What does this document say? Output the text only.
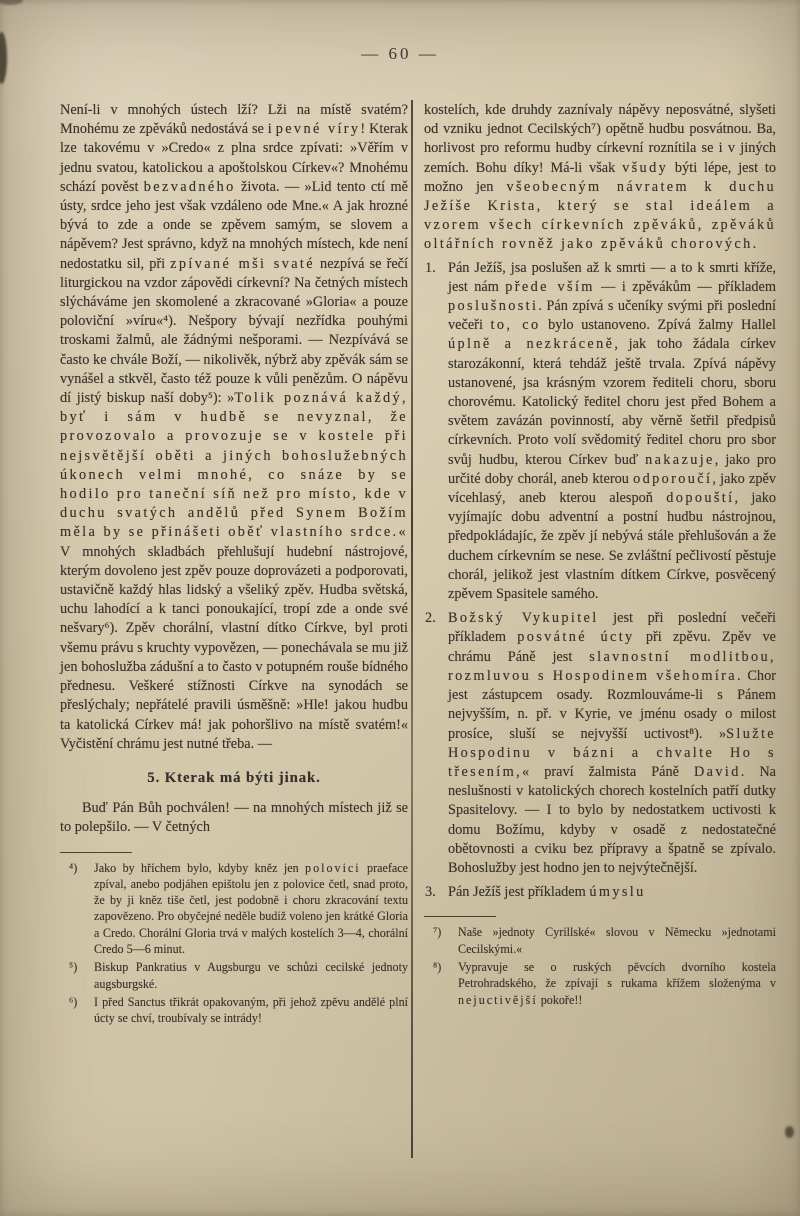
— 60 —

Není-li v mnohých ústech lží? Lži na místě svatém? Mnohému ze zpěváků nedostává se i pevné víry! Kterak lze takovému v »Credo« z plna srdce zpívati: »Věřím v jednu svatou, katolickou a apoštolskou Církev«? Mnohému schází pověst bezvadného života. — »Lid tento ctí mě ústy, srdce jeho jest však vzdáleno ode Mne.« A jak hrozné bývá to zde a onde se zpěvem samým, se slovem a nápěvem? Jest správno, když na mnohých místech, kde není nedostatku sil, při zpívané mši svaté nezpívá se řečí liturgickou na vzdor zápovědi církevní? Na četných místech slýcháváme jen skomolené a zkracované »Gloria« a pouze poloviční »víru«⁴). Nešpory bývají nezřídka pouhými troskami žalmů, ale žádnými nešporami. — Nezpívává se často ke chvále Boží, — nikolivěk, nýbrž aby zpěvák sám se vynášel a stkvěl, často též pouze k vůli penězům. O nápěvu dí jistý biskup naší doby⁵): »Tolik poznává každý, byť i sám v hudbě se nevyznal, že provozovalo a provozuje se v kostele při nejsvětější oběti a jiných bohoslužebných úkonech velmi mnohé, co snáze by se hodilo pro taneční síň než pro místo, kde v duchu svatých andělů před Synem Božím měla by se přinášeti oběť vlastního srdce.« V mnohých skladbách přehlušují hudební nástrojové, kterým dovoleno jest zpěv pouze doprovázeti a podporovati, ustavičně každý hlas lidský a všeliký zpěv. Hudba světská, uchu lahodící a k tanci ponoukající, tropí zde a onde své nešvary⁶). Zpěv chorální, vlastní dítko Církve, byl proti všemu právu s kruchty vypovězen, — ponechávala se mu již jen bohoslužba zádušní a to často v potupném rouše bídného přednesu. Veškeré stížnosti Církve na synodách se přeslýchaly; nepřátelé pravili úsměšně: »Hle! jakou hudbu ta katolická Církev má! jak pohoršlivo na místě svatém!« Vyčistění chrámu jest nutné třeba. —

5. Kterak má býti jinak.

Buď Pán Bůh pochválen! — na mnohých místech již se to polepšilo. — V četných

⁴) Jako by hříchem bylo, kdyby kněz jen polovici praeface zpíval, anebo podjáhen epištolu jen z polovice četl, snad proto, že by ji kněz tiše četl, jest podobně i choru zkracování textu zapovězeno. Pro obyčejné neděle budiž voleno jen krátké Gloria a Credo. Chorální Gloria trvá v malých kostelích 3—4, chorální Credo 5—6 minut.
⁵) Biskup Pankratius v Augsburgu ve schůzi cecilské jednoty augsburgské.
⁶) I před Sanctus třikrát opakovaným, při jehož zpěvu andělé plní úcty se chví, troubívaly se intrády!

kostelích, kde druhdy zaznívaly nápěvy neposvátné, slyšeti od vzniku jednot Cecilských⁷) opětně hudbu posvátnou. Ba, horlivost pro reformu hudby církevní roznítila se i v jiných zemích. Bohu díky! Má-li však všudy býti lépe, jest to možno jen všeobecným návratem k duchu Ježíše Krista, který se stal ideálem a vzorem všech církevních zpěváků, zpěváků oltářních rovněž jako zpěváků chorových.

1. Pán Ježíš, jsa poslušen až k smrti — a to k smrti kříže, jest nám přede vším — i zpěvákům — příkladem poslušnosti. Pán zpívá s učeníky svými při poslední večeři to, co bylo ustanoveno. Zpívá žalmy Hallel úplně a nezkráceně, jak toho žádala církev starozákonní, která tehdáž ještě trvala. Zpívá nápěvy ustanovené, jsa krásným vzorem řediteli choru, sboru chorovému. Katolický ředitel choru jest před Bohem a světem zavázán povinností, aby věrně šetřil předpisů církevních. Proto volí svědomitý ředitel choru pro sbor svůj hudbu, kterou Církev buď nakazuje, jako pro určité doby chorál, aneb kterou odporoučí, jako zpěv vícehlasý, aneb kterou alespoň dopouští, jako vyjímajíc dobu adventní a postní hudbu nástrojnou, předpokládajíc, že zpěv jí nebývá stále přehlušován a že duchem církevním se nese. Se zvláštní pečlivostí pěstuje chorál, jelikož jest vlastním dítkem Církve, posvěcený zpěvem Spasitele samého.
2. Božský Vykupitel jest při poslední večeři příkladem posvátné úcty při zpěvu. Zpěv ve chrámu Páně jest slavnostní modlitbou, rozmluvou s Hospodinem všehomíra. Chor jest zástupcem osady. Rozmlouváme-li s Pánem nejvyšším, n. př. v Kyrie, ve jménu osady o milost prosíce, sluší se nejvyšší uctivost⁸). »Služte Hospodinu v bázni a chvalte Ho s třesením,« praví žalmista Páně David. Na neslušnosti v katolických chorech kostelních patří dutky Spasitelovy. — I to bylo by nedostatkem uctivosti k domu Božímu, kdyby v osadě z nedostatečné obětovnosti a cviku bez přípravy a špatně se zpívalo. Bohoslužby jest hodno jen to nejvýtečnější.
3. Pán Ježíš jest příkladem úmyslu
⁷) Naše »jednoty Cyrillské« slovou v Německu »jednotami Cecilskými.«
⁸) Vypravuje se o ruských pěvcích dvorního kostela Petrohradského, že zpívají s rukama křížem složenýma v nejuctivější pokoře!!
